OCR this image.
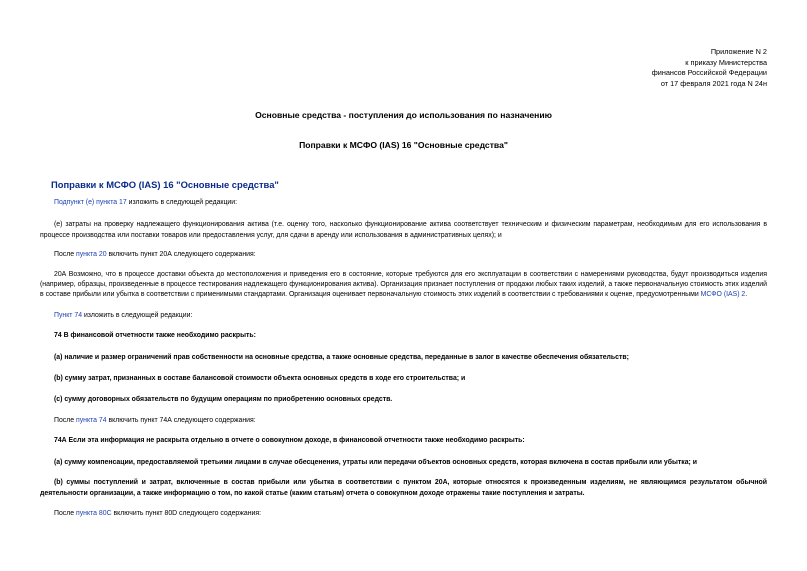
Приложение N 2
к приказу Министерства
финансов Российской Федерации
от 17 февраля 2021 года N 24н
Основные средства - поступления до использования по назначению
Поправки к МСФО (IAS) 16 "Основные средства"
Поправки к МСФО (IAS) 16 "Основные средства"

Подпункт (е) пункта 17 изложить в следующей редакции:

(е) затраты на проверку надлежащего функционирования актива (т.е. оценку того, насколько функционирование актива соответствует техническим и физическим параметрам, необходимым для его использования в процессе производства или поставки товаров или предоставления услуг, для сдачи в аренду или использования в административных целях); и

После пункта 20 включить пункт 20А следующего содержания:

20А Возможно, что в процессе доставки объекта до местоположения и приведения его в состояние, которые требуются для его эксплуатации в соответствии с намерениями руководства, будут производиться изделия (например, образцы, произведенные в процессе тестирования надлежащего функционирования актива). Организация признает поступления от продажи любых таких изделий, а также первоначальную стоимость этих изделий в составе прибыли или убытка в соответствии с применимыми стандартами. Организация оценивает первоначальную стоимость этих изделий в соответствии с требованиями к оценке, предусмотренными МСФО (IAS) 2.

Пункт 74 изложить в следующей редакции:

74 В финансовой отчетности также необходимо раскрыть:

(а) наличие и размер ограничений прав собственности на основные средства, а также основные средства, переданные в залог в качестве обеспечения обязательств;

(b) сумму затрат, признанных в составе балансовой стоимости объекта основных средств в ходе его строительства; и

(c) сумму договорных обязательств по будущим операциям по приобретению основных средств.

После пункта 74 включить пункт 74А следующего содержания:

74А Если эта информация не раскрыта отдельно в отчете о совокупном доходе, в финансовой отчетности также необходимо раскрыть:

(а) сумму компенсации, предоставляемой третьими лицами в случае обесценения, утраты или передачи объектов основных средств, которая включена в состав прибыли или убытка; и

(b) суммы поступлений и затрат, включенные в состав прибыли или убытка в соответствии с пунктом 20А, которые относятся к произведенным изделиям, не являющимся результатом обычной деятельности организации, а также информацию о том, по какой статье (каким статьям) отчета о совокупном доходе отражены такие поступления и затраты.

После пункта 80С включить пункт 80D следующего содержания:
